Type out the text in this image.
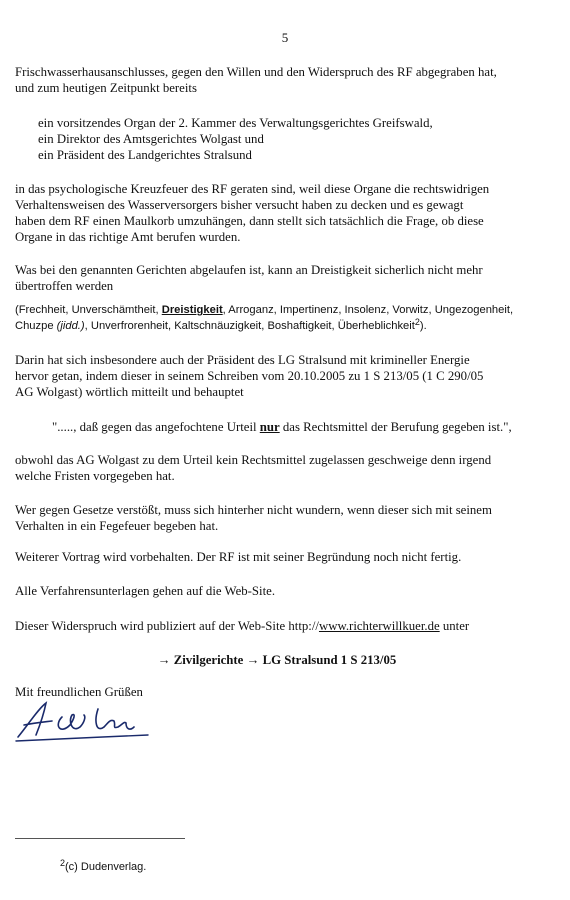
5
Frischwasserhausanschlusses, gegen den Willen und den Widerspruch des RF abgegraben hat,
und zum heutigen Zeitpunkt bereits
ein vorsitzendes Organ der 2. Kammer des Verwaltungsgerichtes Greifswald,
ein Direktor des Amtsgerichtes Wolgast und
ein Präsident des Landgerichtes Stralsund
in das psychologische Kreuzfeuer des RF geraten sind, weil diese Organe die rechtswidrigen
Verhaltensweisen des Wasserversorgers bisher versucht haben zu decken und es gewagt
haben dem RF einen Maulkorb umzuhängen, dann stellt sich tatsächlich die Frage, ob diese
Organe in das richtige Amt berufen wurden.
Was bei den genannten Gerichten abgelaufen ist, kann an Dreistigkeit sicherlich nicht mehr
übertroffen werden
(Frechheit, Unverschämtheit, Dreistigkeit, Arroganz, Impertinenz, Insolenz, Vorwitz, Ungezogenheit,
Chuzpe (jidd.), Unverfrorenheit, Kaltschnäuzigkeit, Boshaftigkeit, Überheblichkeit$^2$).
Darin hat sich insbesondere auch der Präsident des LG Stralsund mit krimineller Energie
hervor getan, indem dieser in seinem Schreiben vom 20.10.2005 zu 1 S 213/05 (1 C 290/05
AG Wolgast) wörtlich mitteilt und behauptet
"....., daß gegen das angefochtene Urteil nur das Rechtsmittel der Berufung gegeben ist.",
obwohl das AG Wolgast zu dem Urteil kein Rechtsmittel zugelassen geschweige denn irgend
welche Fristen vorgegeben hat.
Wer gegen Gesetze verstößt, muss sich hinterher nicht wundern, wenn dieser sich mit seinem
Verhalten in ein Fegefeuer begeben hat.
Weiterer Vortrag wird vorbehalten. Der RF ist mit seiner Begründung noch nicht fertig.
Alle Verfahrensunterlagen gehen auf die Web-Site.
Dieser Widerspruch wird publiziert auf der Web-Site http://www.richterwillkuer.de unter
→ Zivilgerichte → LG Stralsund 1 S 213/05
Mit freundlichen Grüßen
$^2$(c) Dudenverlag.
